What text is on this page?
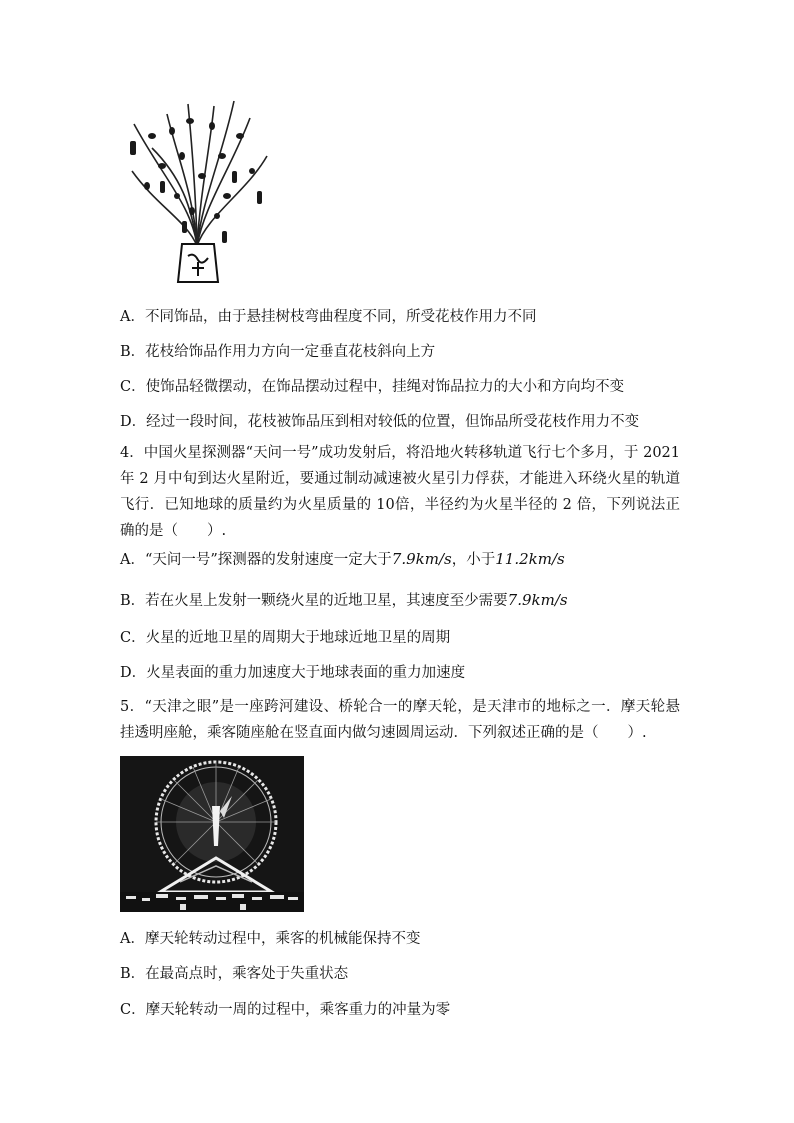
A．不同饰品，由于悬挂树枝弯曲程度不同，所受花枝作用力不同
B．花枝给饰品作用力方向一定垂直花枝斜向上方
C．使饰品轻微摆动，在饰品摆动过程中，挂绳对饰品拉力的大小和方向均不变
D．经过一段时间，花枝被饰品压到相对较低的位置，但饰品所受花枝作用力不变
4．中国火星探测器“天问一号”成功发射后，将沿地火转移轨道飞行七个多月，于 2021 年 2 月中旬到达火星附近，要通过制动减速被火星引力俘获，才能进入环绕火星的轨道飞行．已知地球的质量约为火星质量的 10倍，半径约为火星半径的 2 倍，下列说法正确的是（　　）.
A．“天问一号”探测器的发射速度一定大于7.9km/s，小于11.2km/s
B．若在火星上发射一颗绕火星的近地卫星，其速度至少需要7.9km/s
C．火星的近地卫星的周期大于地球近地卫星的周期
D．火星表面的重力加速度大于地球表面的重力加速度
5．“天津之眼”是一座跨河建设、桥轮合一的摩天轮，是天津市的地标之一．摩天轮悬挂透明座舱，乘客随座舱在竖直面内做匀速圆周运动．下列叙述正确的是（　　）.
A．摩天轮转动过程中，乘客的机械能保持不变
B．在最高点时，乘客处于失重状态
C．摩天轮转动一周的过程中，乘客重力的冲量为零
